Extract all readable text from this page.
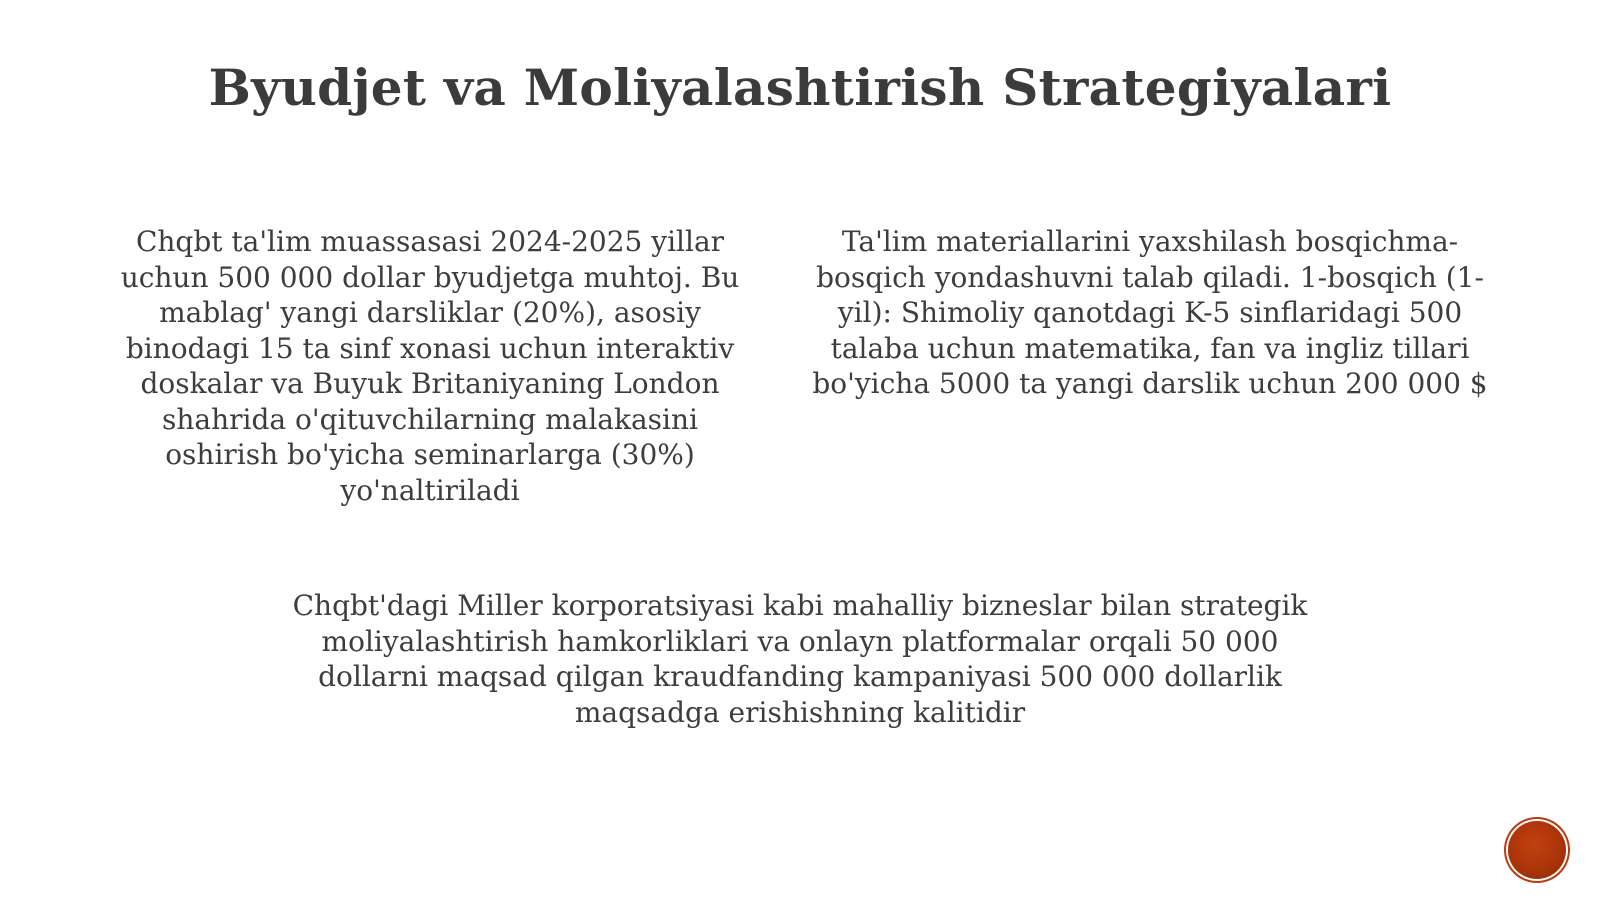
Byudjet va Moliyalashtirish Strategiyalari

Chqbt ta'lim muassasasi 2024-2025 yillar
uchun 500 000 dollar byudjetga muhtoj. Bu
mablag' yangi darsliklar (20%), asosiy
binodagi 15 ta sinf xonasi uchun interaktiv
doskalar va Buyuk Britaniyaning London
shahrida o'qituvchilarning malakasini
oshirish bo'yicha seminarlarga (30%)
yo'naltiriladi

Ta'lim materiallarini yaxshilash bosqichma-
bosqich yondashuvni talab qiladi. 1-bosqich (1-
yil): Shimoliy qanotdagi K-5 sinflaridagi 500
talaba uchun matematika, fan va ingliz tillari
bo'yicha 5000 ta yangi darslik uchun 200 000 $

Chqbt'dagi Miller korporatsiyasi kabi mahalliy bizneslar bilan strategik
moliyalashtirish hamkorliklari va onlayn platformalar orqali 50 000
dollarni maqsad qilgan kraudfanding kampaniyasi 500 000 dollarlik
maqsadga erishishning kalitidir
